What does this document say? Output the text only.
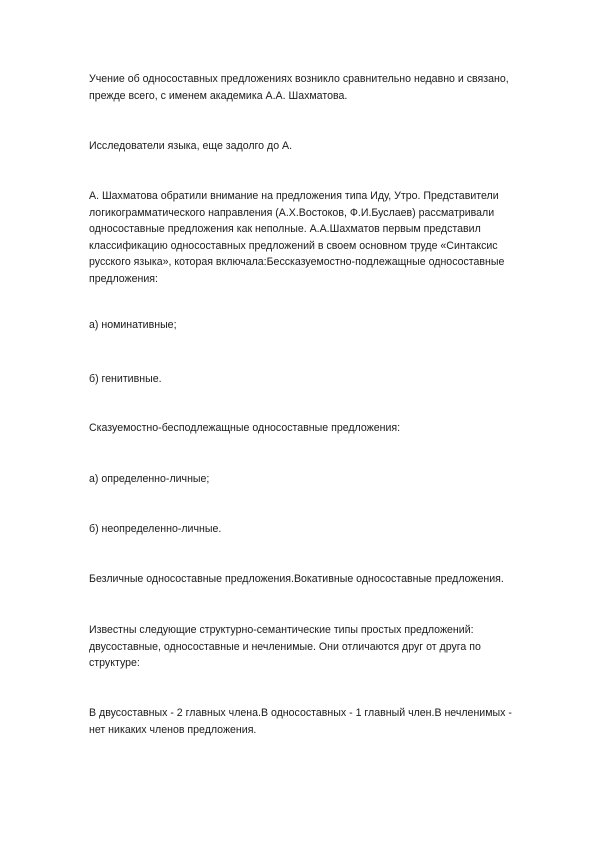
Учение об односоставных предложениях возникло сравнительно недавно и связано, прежде всего, с именем академика А.А. Шахматова.

Исследователи языка, еще задолго до А.

А. Шахматова обратили внимание на предложения типа Иду, Утро. Представители логикограмматического направления (А.Х.Востоков, Ф.И.Буслаев) рассматривали односоставные предложения как неполные. А.А.Шахматов первым представил классификацию односоставных предложений в своем основном труде «Синтаксис русского языка», которая включала:Бессказуемостно-подлежащные односоставные предложения:

а) номинативные;

б) генитивные.

Сказуемостно-бесподлежащные односоставные предложения:

а) определенно-личные;

б) неопределенно-личные.

Безличные односоставные предложения.Вокативные односоставные предложения.

Известны следующие структурно-семантические типы простых предложений: двусоставные, односоставные и нечленимые. Они отличаются друг от друга по структуре:

В двусоставных - 2 главных члена.В односоставных - 1 главный член.В нечленимых - нет никаких членов предложения.
